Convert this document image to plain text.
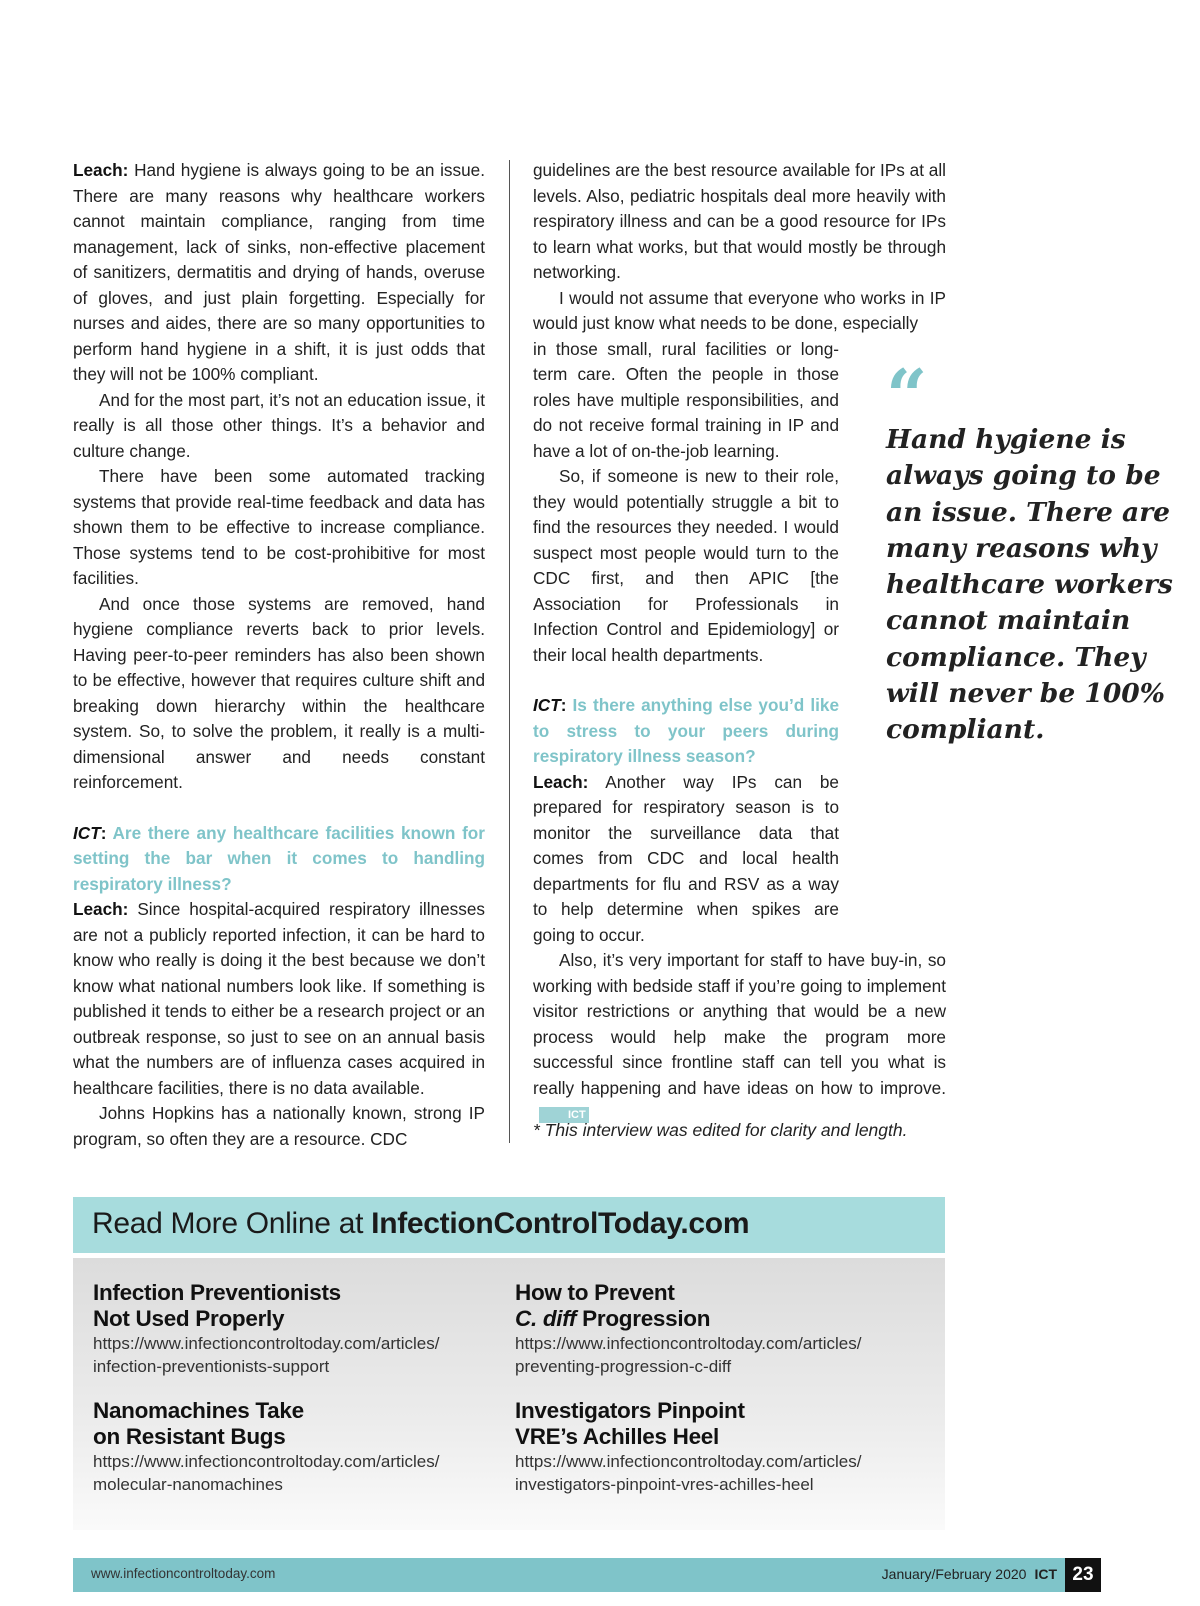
Leach: Hand hygiene is always going to be an issue. There are many reasons why healthcare workers cannot maintain compliance, ranging from time management, lack of sinks, non-effective placement of sanitizers, dermatitis and drying of hands, overuse of gloves, and just plain forgetting. Especially for nurses and aides, there are so many opportunities to perform hand hygiene in a shift, it is just odds that they will not be 100% compliant.

And for the most part, it’s not an education issue, it really is all those other things. It’s a behavior and culture change.

There have been some automated tracking systems that provide real-time feedback and data has shown them to be effective to increase compliance. Those systems tend to be cost-prohibitive for most facilities.

And once those systems are removed, hand hygiene compliance reverts back to prior levels. Having peer-to-peer reminders has also been shown to be effective, however that requires culture shift and breaking down hierarchy within the healthcare system. So, to solve the problem, it really is a multi-dimensional answer and needs constant reinforcement.

ICT: Are there any healthcare facilities known for setting the bar when it comes to handling respiratory illness?

Leach: Since hospital-acquired respiratory illnesses are not a publicly reported infection, it can be hard to know who really is doing it the best because we don’t know what national numbers look like. If something is published it tends to either be a research project or an outbreak response, so just to see on an annual basis what the numbers are of influenza cases acquired in healthcare facilities, there is no data available.

Johns Hopkins has a nationally known, strong IP program, so often they are a resource. CDC

guidelines are the best resource available for IPs at all levels. Also, pediatric hospitals deal more heavily with respiratory illness and can be a good resource for IPs to learn what works, but that would mostly be through networking.

I would not assume that everyone who works in IP would just know what needs to be done, especially

in those small, rural facilities or long-term care. Often the people in those roles have multiple responsibilities, and do not receive formal training in IP and have a lot of on-the-job learning.

So, if someone is new to their role, they would potentially struggle a bit to find the resources they needed. I would suspect most people would turn to the CDC first, and then APIC [the Association for Professionals in Infection Control and Epidemiology] or their local health departments.

ICT: Is there anything else you’d like to stress to your peers during respiratory illness season?

Leach: Another way IPs can be prepared for respiratory season is to monitor the surveillance data that comes from CDC and local health departments for flu and RSV as a way to help determine when spikes are going to occur.

Also, it’s very important for staff to have buy-in, so working with bedside staff if you’re going to implement visitor restrictions or anything that would be a new process would help make the program more successful since frontline staff can tell you what is really happening and have ideas on how to improve.ICT

* This interview was edited for clarity and length.
“
Hand hygiene is always going to be an issue. There are many reasons why healthcare workers cannot maintain compliance. They will never be 100% compliant.
Read More Online at InfectionControlToday.com
Infection Preventionists
Not Used Properly
https://www.infectioncontroltoday.com/articles/
infection-preventionists-support
How to Prevent
C. diff Progression
https://www.infectioncontroltoday.com/articles/
preventing-progression-c-diff
Nanomachines Take
on Resistant Bugs
https://www.infectioncontroltoday.com/articles/
molecular-nanomachines
Investigators Pinpoint
VRE’s Achilles Heel
https://www.infectioncontroltoday.com/articles/
investigators-pinpoint-vres-achilles-heel
www.infectioncontroltoday.com	January/February 2020 ICT 23
